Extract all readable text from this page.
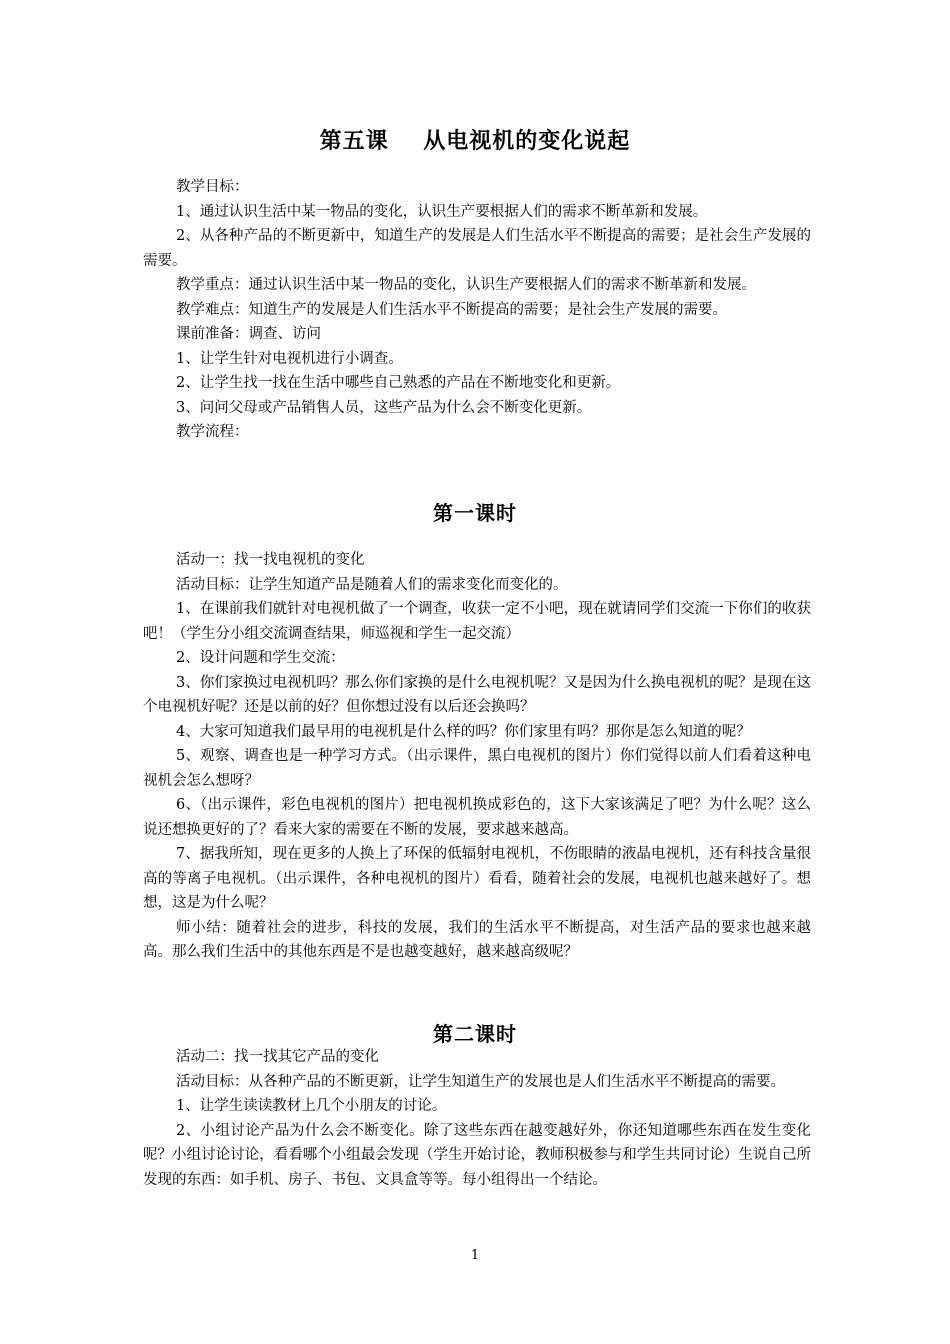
第五课    从电视机的变化说起

教学目标：

1、通过认识生活中某一物品的变化，认识生产要根据人们的需求不断革新和发展。

2、从各种产品的不断更新中，知道生产的发展是人们生活水平不断提高的需要；是社会生产发展的需要。

教学重点：通过认识生活中某一物品的变化，认识生产要根据人们的需求不断革新和发展。

教学难点：知道生产的发展是人们生活水平不断提高的需要；是社会生产发展的需要。

课前准备：调查、访问

1、让学生针对电视机进行小调查。

2、让学生找一找在生活中哪些自己熟悉的产品在不断地变化和更新。

3、问问父母或产品销售人员，这些产品为什么会不断变化更新。

教学流程：

第一课时

活动一：找一找电视机的变化

活动目标：让学生知道产品是随着人们的需求变化而变化的。

1、在课前我们就针对电视机做了一个调查，收获一定不小吧，现在就请同学们交流一下你们的收获吧！（学生分小组交流调查结果，师巡视和学生一起交流）

2、设计问题和学生交流：

3、你们家换过电视机吗？那么你们家换的是什么电视机呢？又是因为什么换电视机的呢？是现在这个电视机好呢？还是以前的好？但你想过没有以后还会换吗？

4、大家可知道我们最早用的电视机是什么样的吗？你们家里有吗？那你是怎么知道的呢？

5、观察、调查也是一种学习方式。（出示课件，黑白电视机的图片）你们觉得以前人们看着这种电视机会怎么想呀？

6、（出示课件，彩色电视机的图片）把电视机换成彩色的，这下大家该满足了吧？为什么呢？这么说还想换更好的了？看来大家的需要在不断的发展，要求越来越高。

7、据我所知，现在更多的人换上了环保的低辐射电视机，不伤眼睛的液晶电视机，还有科技含量很高的等离子电视机。（出示课件，各种电视机的图片）看看，随着社会的发展，电视机也越来越好了。想想，这是为什么呢？

师小结：随着社会的进步，科技的发展，我们的生活水平不断提高，对生活产品的要求也越来越高。那么我们生活中的其他东西是不是也越变越好，越来越高级呢？

第二课时

活动二：找一找其它产品的变化

活动目标：从各种产品的不断更新，让学生知道生产的发展也是人们生活水平不断提高的需要。

1、让学生读读教材上几个小朋友的讨论。

2、小组讨论产品为什么会不断变化。除了这些东西在越变越好外，你还知道哪些东西在发生变化呢？小组讨论讨论，看看哪个小组最会发现（学生开始讨论，教师积极参与和学生共同讨论）生说自己所发现的东西：如手机、房子、书包、文具盒等等。每小组得出一个结论。

1
